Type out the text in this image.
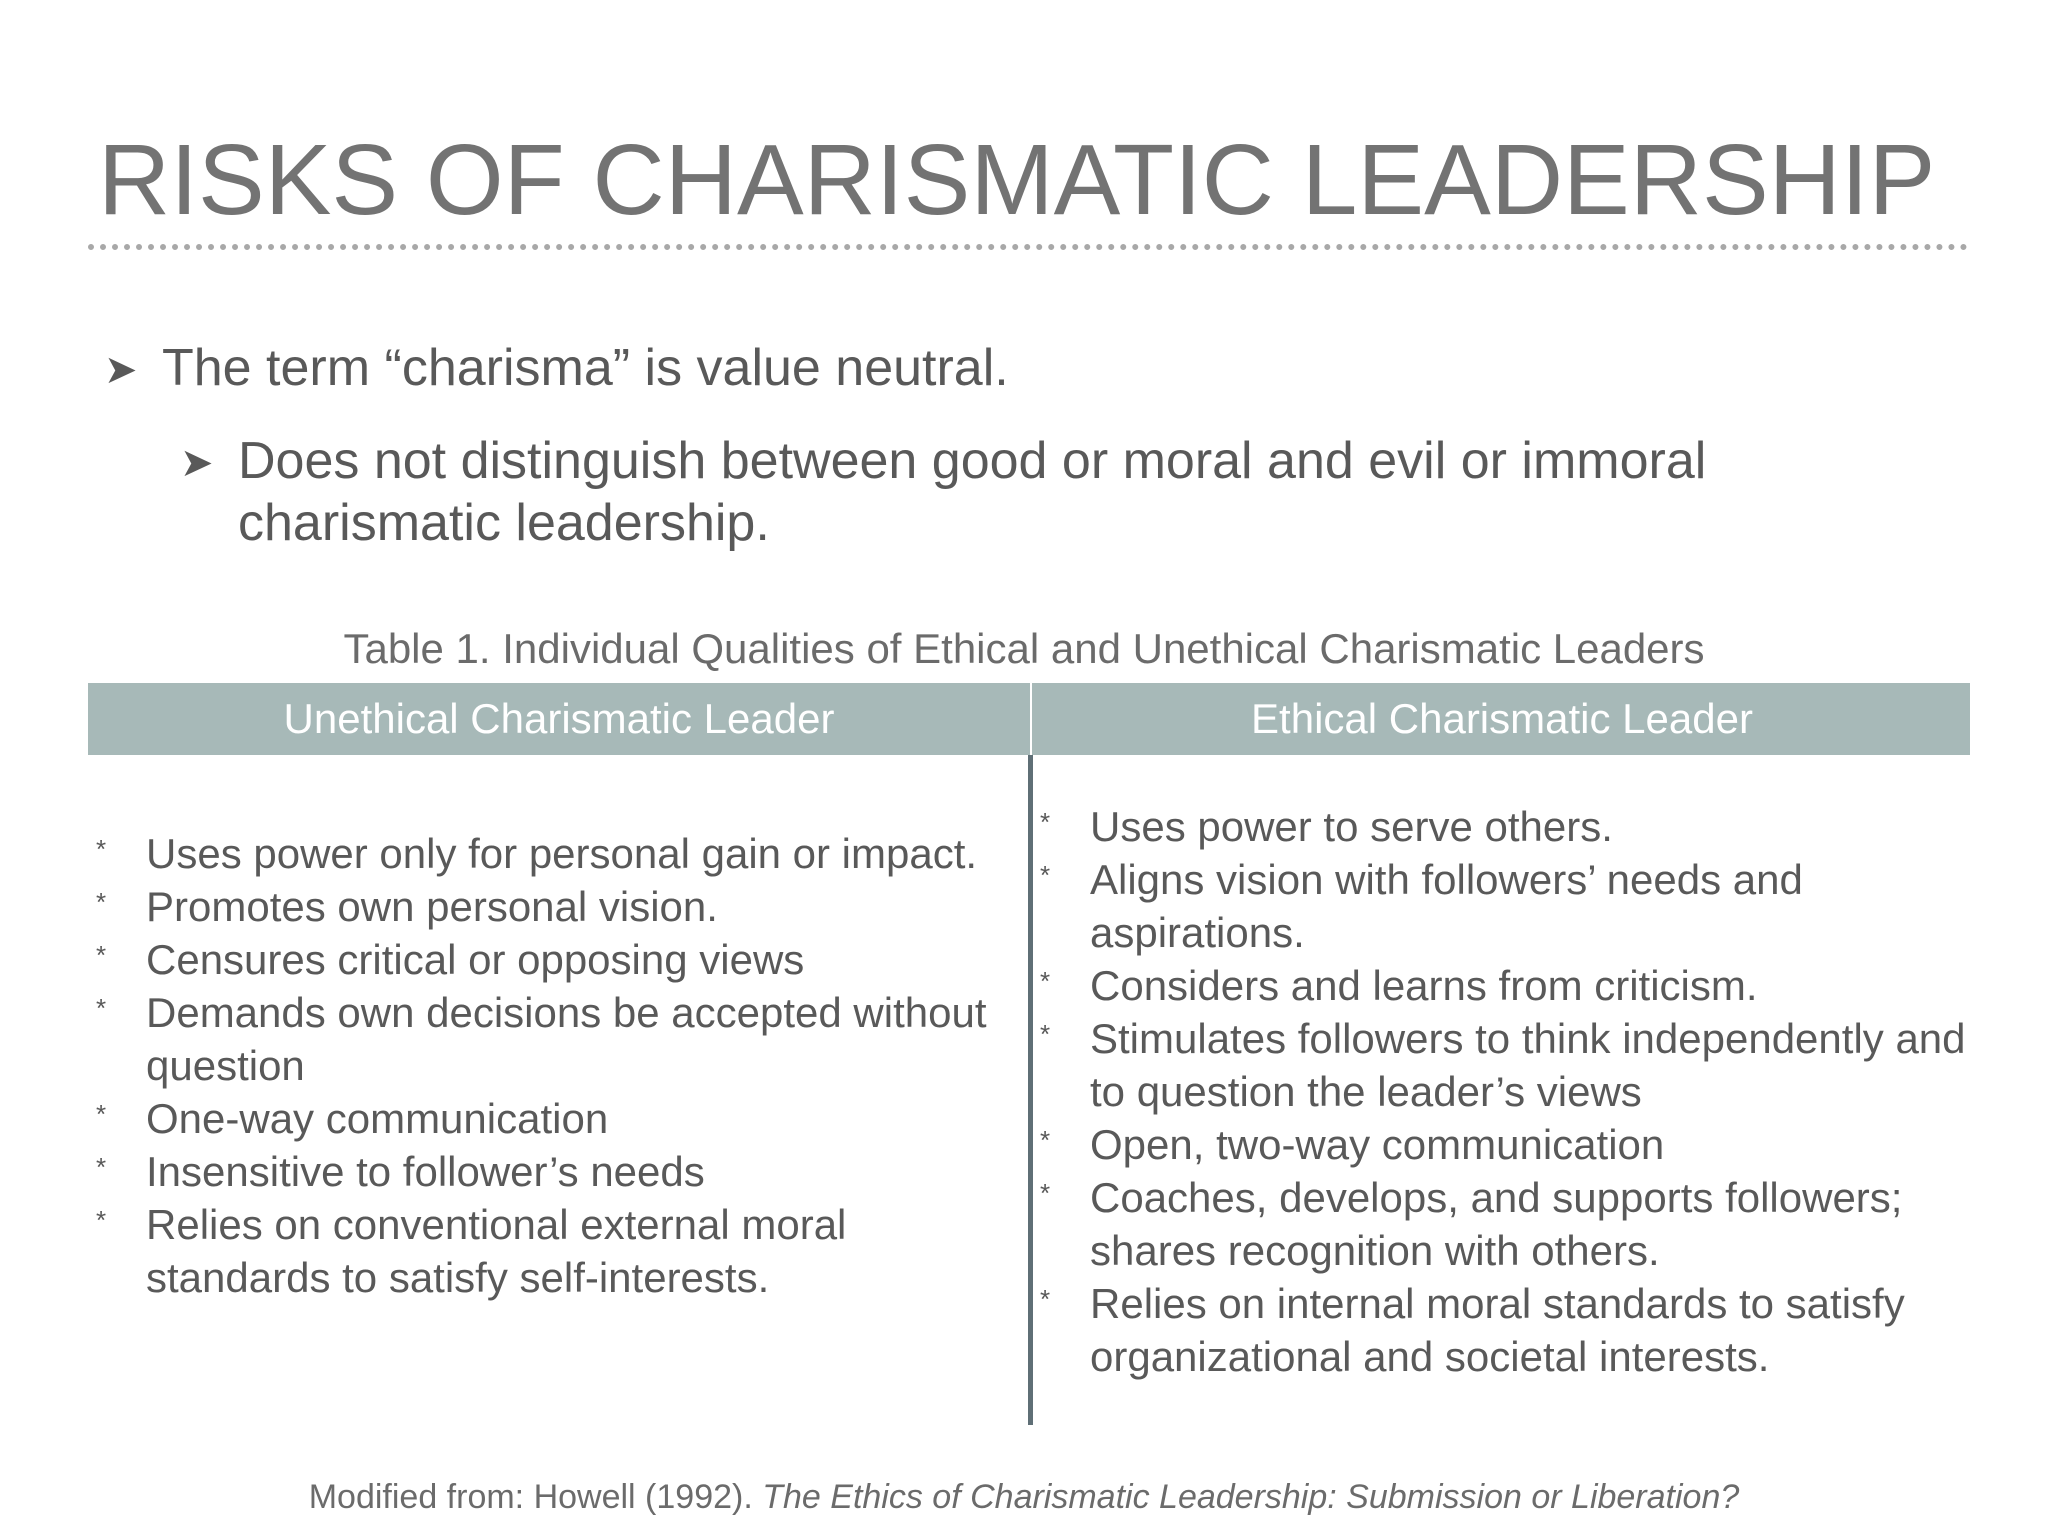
RISKS OF CHARISMATIC LEADERSHIP
➤ The term “charisma” is value neutral.
➤ Does not distinguish between good or moral and evil or immoral charismatic leadership.
Table 1. Individual Qualities of Ethical and Unethical Charismatic Leaders
Unethical Charismatic Leader	Ethical Charismatic Leader
* Uses power only for personal gain or impact.
* Promotes own personal vision.
* Censures critical or opposing views
* Demands own decisions be accepted without question
* One-way communication
* Insensitive to follower’s needs
* Relies on conventional external moral standards to satisfy self-interests.
* Uses power to serve others.
* Aligns vision with followers’ needs and aspirations.
* Considers and learns from criticism.
* Stimulates followers to think independently and to question the leader’s views
* Open, two-way communication
* Coaches, develops, and supports followers; shares recognition with others.
* Relies on internal moral standards to satisfy organizational and societal interests.
Modified from: Howell (1992). The Ethics of Charismatic Leadership: Submission or Liberation?
